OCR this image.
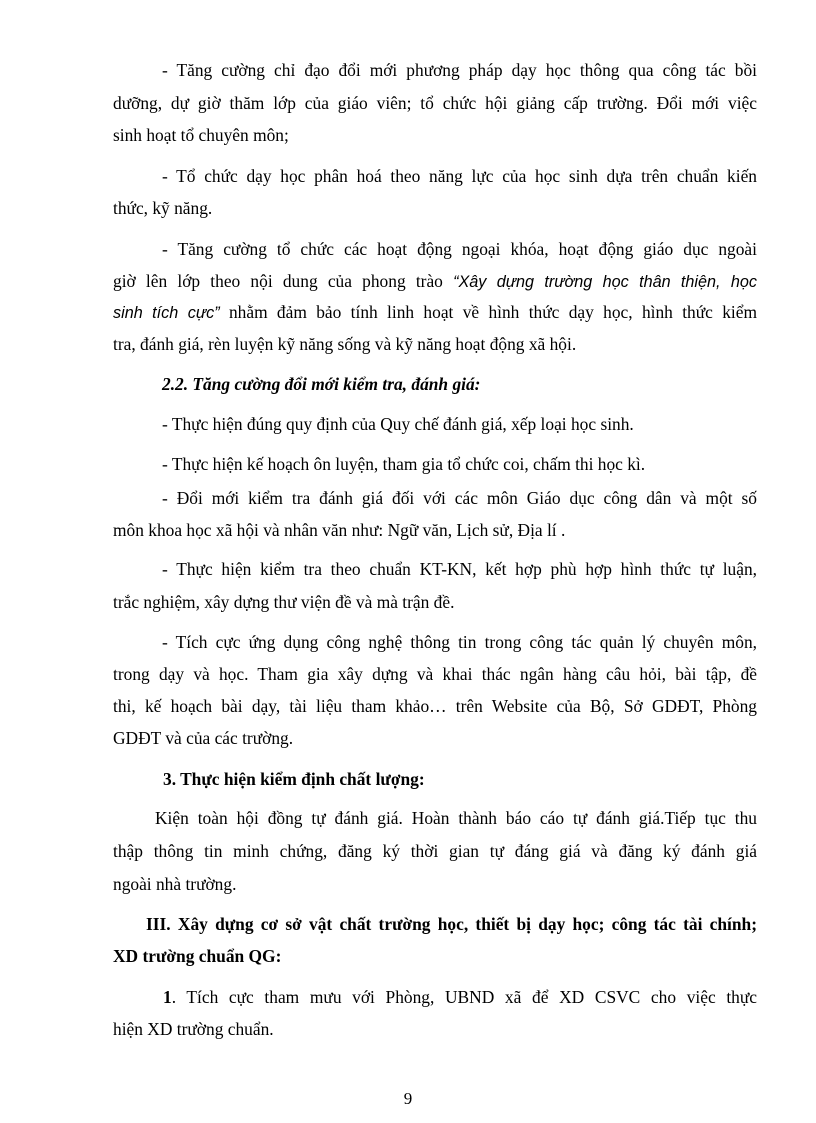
- Tăng cường chỉ đạo đổi mới phương pháp dạy học thông qua công tác bồi
dưỡng, dự giờ thăm lớp của giáo viên; tổ chức hội giảng cấp trường. Đổi mới việc
sinh hoạt tổ chuyên môn;
- Tổ chức dạy học phân hoá theo năng lực của học sinh dựa trên chuẩn kiến
thức, kỹ năng.
- Tăng cường tổ chức các hoạt động ngoại khóa, hoạt động giáo dục ngoài
giờ lên lớp theo nội dung của phong trào “Xây dựng trường học thân thiện, học
sinh tích cực” nhằm đảm bảo tính linh hoạt về hình thức dạy học, hình thức kiểm
tra, đánh giá, rèn luyện kỹ năng sống và kỹ năng hoạt động xã hội.
2.2. Tăng cường đổi mới kiểm tra, đánh giá:
- Thực hiện đúng quy định của Quy chế đánh giá, xếp loại học sinh.
- Thực hiện kế hoạch ôn luyện, tham gia tổ chức coi, chấm thi học kì.
- Đổi mới kiểm tra đánh giá đối với các môn Giáo dục công dân và một số
môn khoa học xã hội và nhân văn như: Ngữ văn, Lịch sử, Địa lí .
- Thực hiện kiểm tra theo chuẩn KT-KN, kết hợp phù hợp hình thức tự luận,
trắc nghiệm, xây dựng thư viện đề và mà trận đề.
- Tích cực ứng dụng công nghệ thông tin trong công tác quản lý chuyên môn,
trong dạy và học. Tham gia xây dựng và khai thác ngân hàng câu hỏi, bài tập, đề
thi, kế hoạch bài dạy, tài liệu tham khảo… trên Website của Bộ, Sở GDĐT, Phòng
GDĐT và của các trường.
3. Thực hiện kiểm định chất lượng:
Kiện toàn hội đồng tự đánh giá. Hoàn thành báo cáo tự đánh giá.Tiếp tục thu
thập thông tin minh chứng, đăng ký thời gian tự đáng giá và đăng ký đánh giá
ngoài nhà trường.
III. Xây dựng cơ sở vật chất trường học, thiết bị dạy học; công tác tài chính;
XD trường chuẩn QG:
1. Tích cực tham mưu với Phòng, UBND xã để XD CSVC cho việc thực
hiện XD trường chuẩn.
9
